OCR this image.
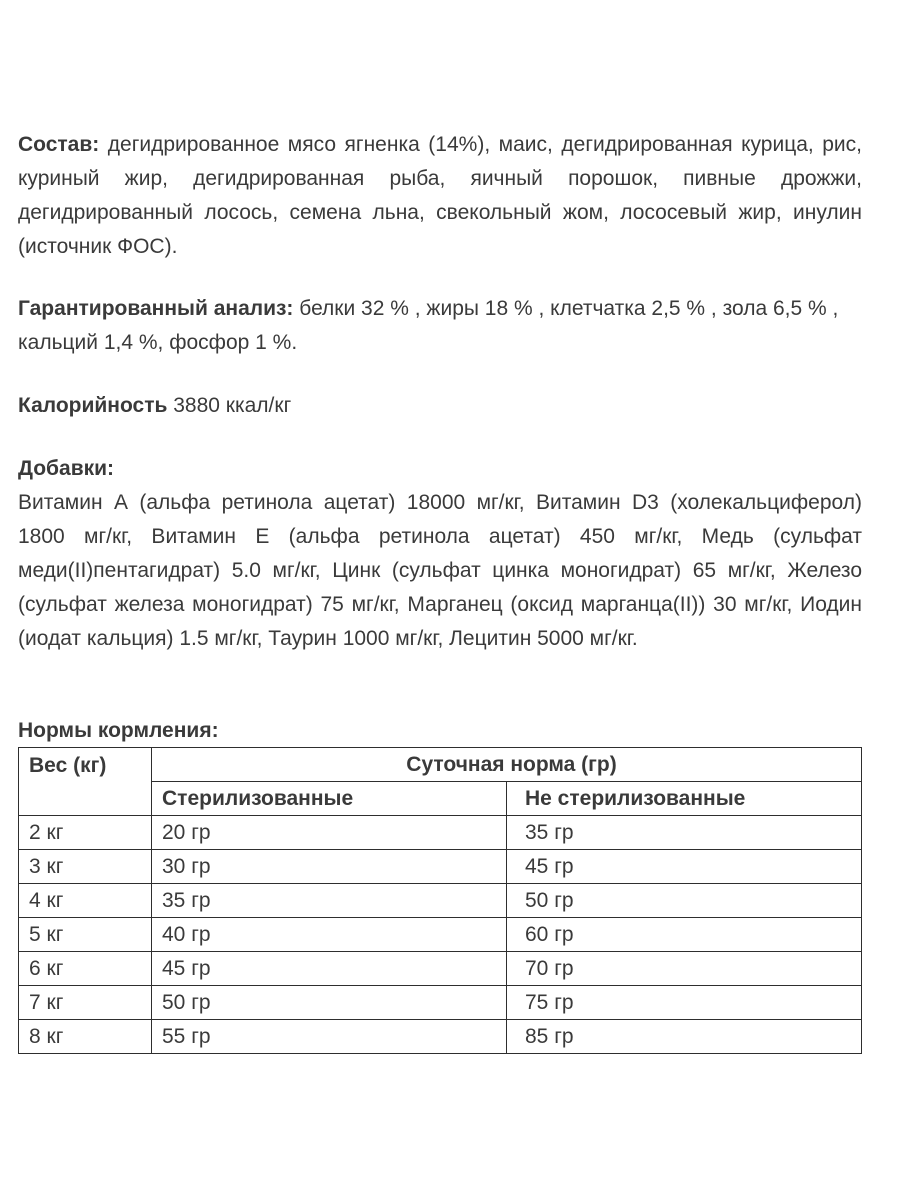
Состав: дегидрированное мясо ягненка (14%), маис, дегидрированная курица, рис, куриный жир, дегидрированная рыба, яичный порошок, пивные дрожжи, дегидрированный лосось, семена льна, свекольный жом, лососевый жир, инулин (источник ФОС).
Гарантированный анализ: белки 32 % , жиры 18 % , клетчатка 2,5 % , зола 6,5 % , кальций 1,4 %, фосфор 1 %.
Калорийность 3880 ккал/кг
Добавки:
Витамин А (альфа ретинола ацетат) 18000 мг/кг, Витамин D3 (холекальциферол) 1800 мг/кг, Витамин Е (альфа ретинола ацетат) 450 мг/кг, Медь (сульфат меди(II)пентагидрат) 5.0 мг/кг, Цинк (сульфат цинка моногидрат) 65 мг/кг, Железо (сульфат железа моногидрат) 75 мг/кг, Марганец (оксид марганца(II)) 30 мг/кг, Иодин (иодат кальция) 1.5 мг/кг, Таурин 1000 мг/кг, Лецитин 5000 мг/кг.
Нормы кормления:
Вес (кг)	Суточная норма (гр)	
	Стерилизованные	Не стерилизованные
2 кг	20 гр	35 гр
3 кг	30 гр	45 гр
4 кг	35 гр	50 гр
5 кг	40 гр	60 гр
6 кг	45 гр	70 гр
7 кг	50 гр	75 гр
8 кг	55 гр	85 гр
